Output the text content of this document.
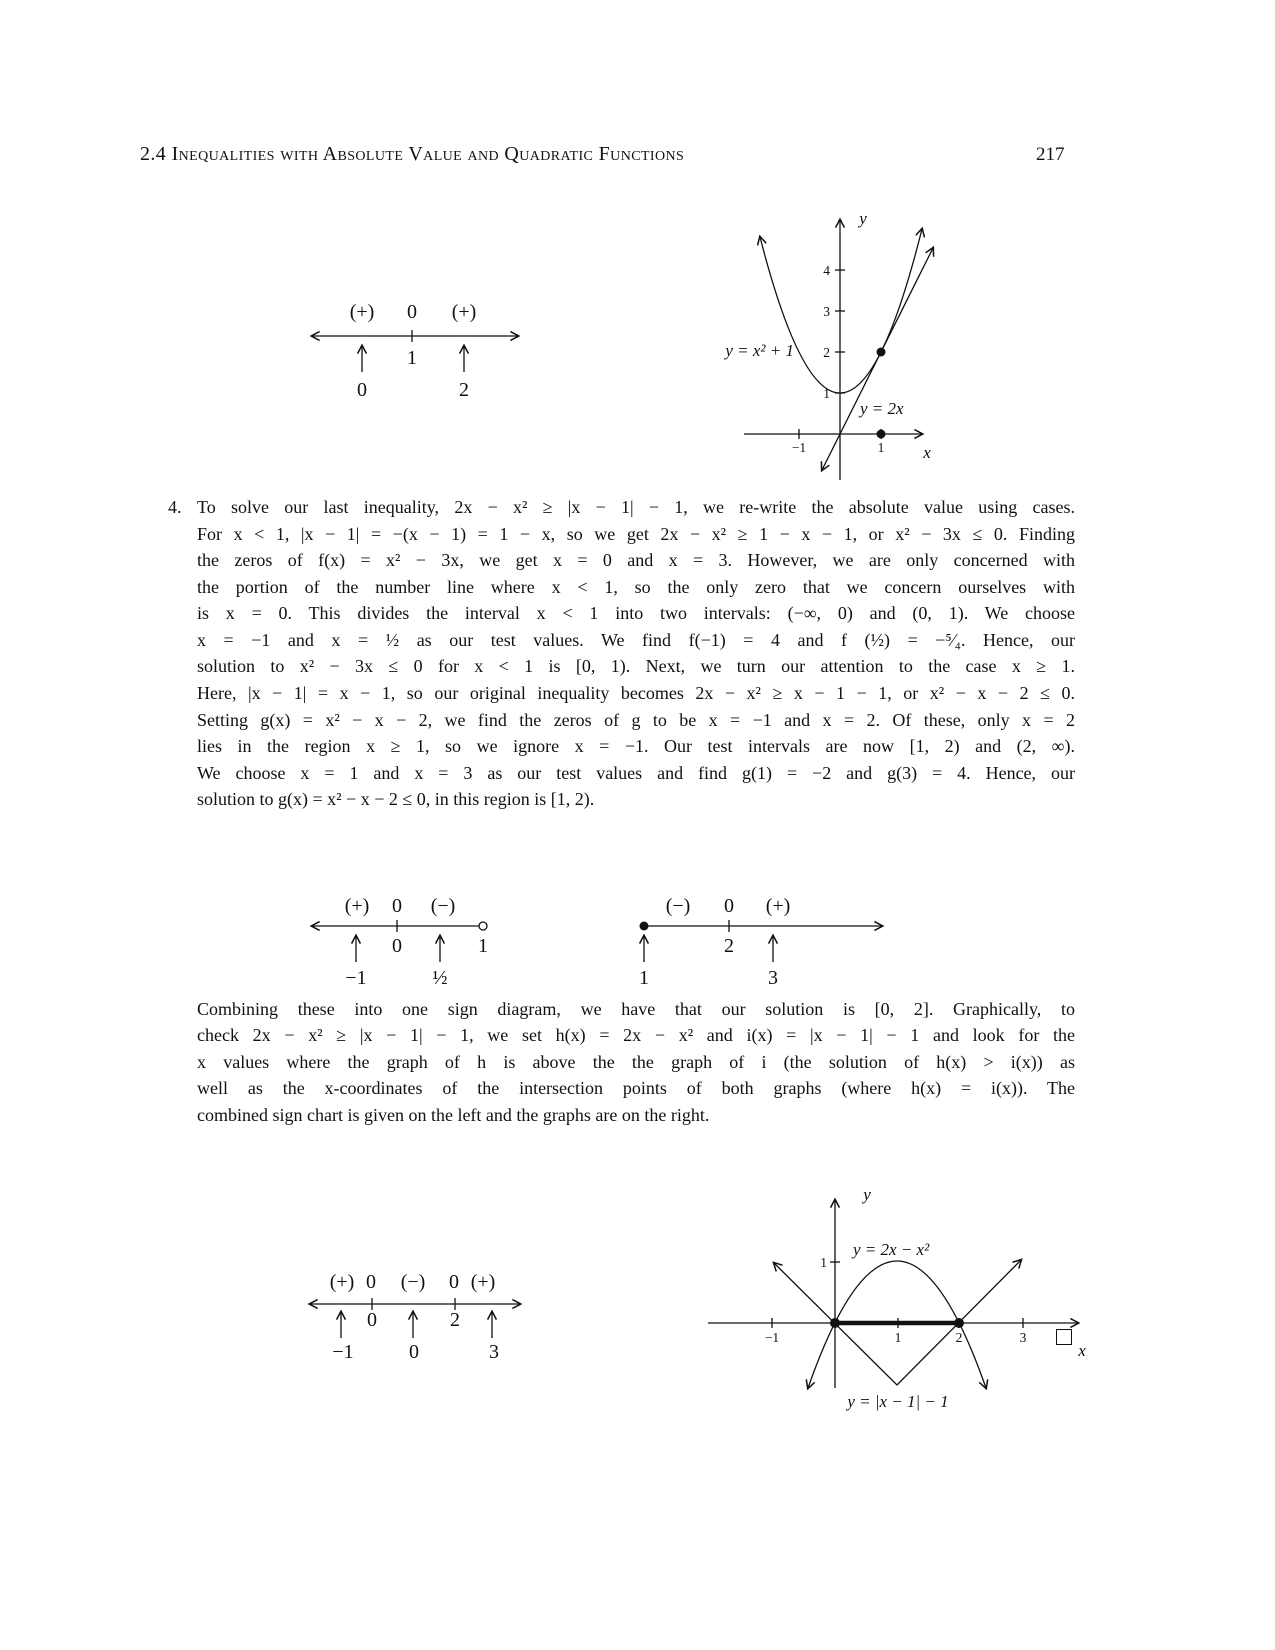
2.4 Inequalities with Absolute Value and Quadratic Functions	217
(+) 0 (+)
1
0	2	1
2
3
4
−1	1
y = x² + 1
y = 2x
y
x
4. To solve our last inequality, 2x − x² ≥ |x − 1| − 1, we re-write the absolute value using cases.
For x < 1, |x − 1| = −(x − 1) = 1 − x, so we get 2x − x² ≥ 1 − x − 1, or x² − 3x ≤ 0. Finding
the zeros of f(x) = x² − 3x, we get x = 0 and x = 3. However, we are only concerned with
the portion of the number line where x < 1, so the only zero that we concern ourselves with
is x = 0. This divides the interval x < 1 into two intervals: (−∞, 0) and (0, 1). We choose
x = −1 and x = ½ as our test values. We find f(−1) = 4 and f (½) = −⁵⁄₄. Hence, our
solution to x² − 3x ≤ 0 for x < 1 is [0, 1). Next, we turn our attention to the case x ≥ 1.
Here, |x − 1| = x − 1, so our original inequality becomes 2x − x² ≥ x − 1 − 1, or x² − x − 2 ≤ 0.
Setting g(x) = x² − x − 2, we find the zeros of g to be x = −1 and x = 2. Of these, only x = 2
lies in the region x ≥ 1, so we ignore x = −1. Our test intervals are now [1, 2) and (2, ∞).
We choose x = 1 and x = 3 as our test values and find g(1) = −2 and g(3) = 4. Hence, our
solution to g(x) = x² − x − 2 ≤ 0, in this region is [1, 2).
(+) 0 (−)
0	1
−1	½
(−) 0 (+)
2
1	3
Combining these into one sign diagram, we have that our solution is [0, 2]. Graphically, to
check 2x − x² ≥ |x − 1| − 1, we set h(x) = 2x − x² and i(x) = |x − 1| − 1 and look for the
x values where the graph of h is above the the graph of i (the solution of h(x) > i(x)) as
well as the x-coordinates of the intersection points of both graphs (where h(x) = i(x)). The
combined sign chart is given on the left and the graphs are on the right.
(+) 0 (−) 0 (+)
0	2
−1	0	3
1
−1	1	2	3
y = 2x − x²
y = |x − 1| − 1
y
x
